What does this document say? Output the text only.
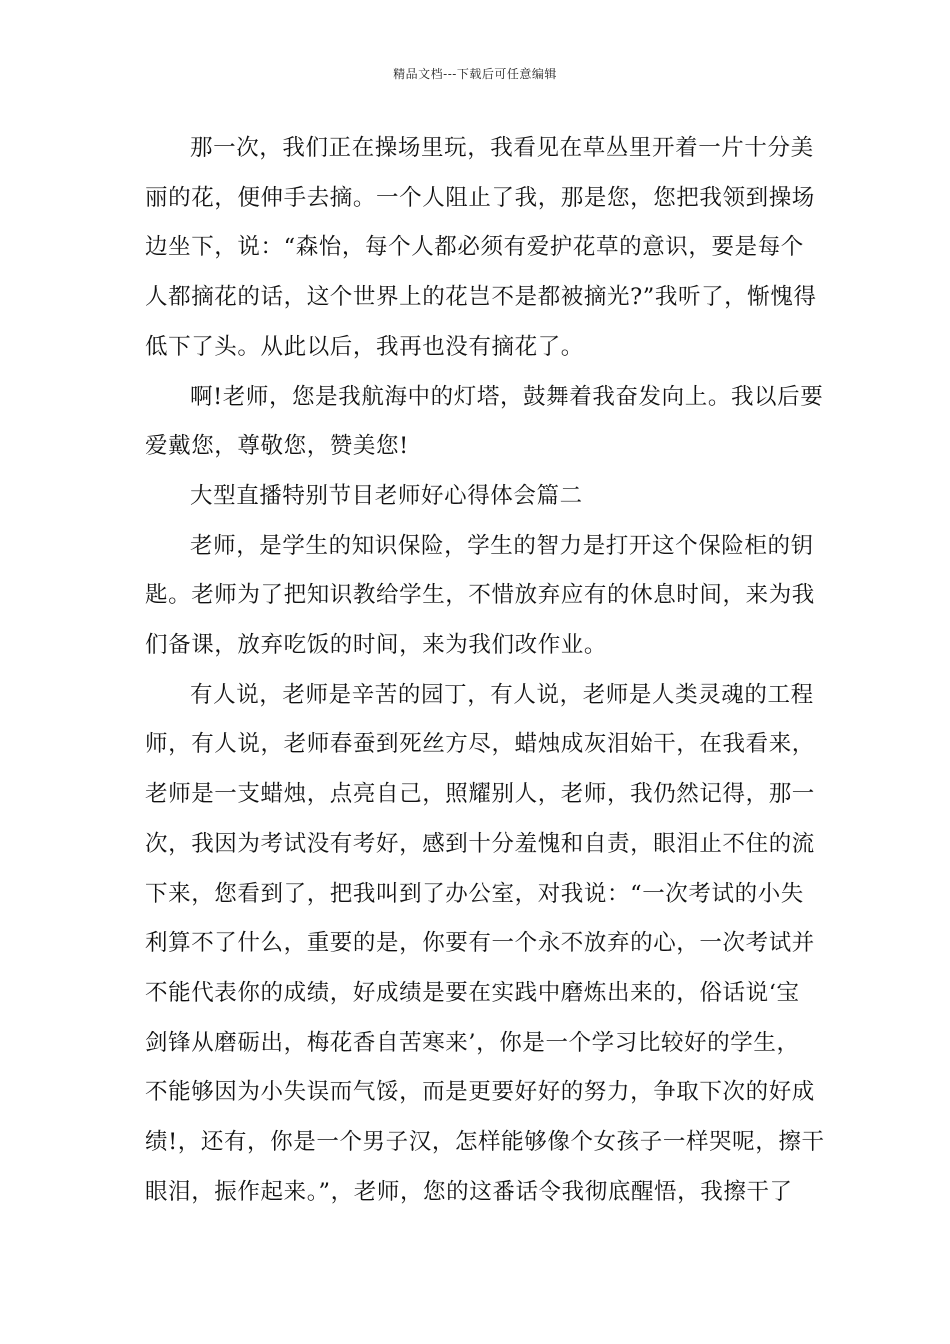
精品文档---下载后可任意编辑
那一次，我们正在操场里玩，我看见在草丛里开着一片十分美
丽的花，便伸手去摘。一个人阻止了我，那是您，您把我领到操场
边坐下，说：“森怡，每个人都必须有爱护花草的意识，要是每个
人都摘花的话，这个世界上的花岂不是都被摘光?”我听了，惭愧得
低下了头。从此以后，我再也没有摘花了。
啊!老师，您是我航海中的灯塔，鼓舞着我奋发向上。我以后要
爱戴您，尊敬您，赞美您!
大型直播特别节目老师好心得体会篇二
老师，是学生的知识保险，学生的智力是打开这个保险柜的钥
匙。老师为了把知识教给学生，不惜放弃应有的休息时间，来为我
们备课，放弃吃饭的时间，来为我们改作业。
有人说，老师是辛苦的园丁，有人说，老师是人类灵魂的工程
师，有人说，老师春蚕到死丝方尽，蜡烛成灰泪始干，在我看来，
老师是一支蜡烛，点亮自己，照耀别人，老师，我仍然记得，那一
次，我因为考试没有考好，感到十分羞愧和自责，眼泪止不住的流
下来，您看到了，把我叫到了办公室，对我说：“一次考试的小失
利算不了什么，重要的是，你要有一个永不放弃的心，一次考试并
不能代表你的成绩，好成绩是要在实践中磨炼出来的，俗话说‘宝
剑锋从磨砺出，梅花香自苦寒来’，你是一个学习比较好的学生，
不能够因为小失误而气馁，而是更要好好的努力，争取下次的好成
绩!，还有，你是一个男子汉，怎样能够像个女孩子一样哭呢，擦干
眼泪，振作起来。”，老师，您的这番话令我彻底醒悟，我擦干了
